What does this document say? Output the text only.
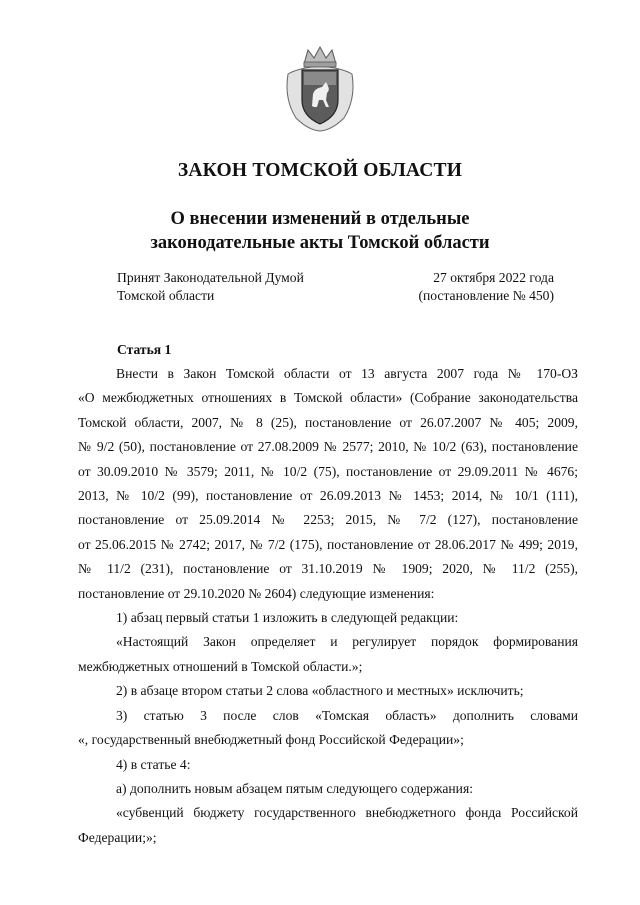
ЗАКОН ТОМСКОЙ ОБЛАСТИ
О внесении изменений в отдельные
законодательные акты Томской области
Принят Законодательной Думой
Томской области
27 октября 2022 года
(постановление № 450)
Статья 1

Внести в Закон Томской области от 13 августа 2007 года № 170-ОЗ
«О межбюджетных отношениях в Томской области» (Собрание законодательства
Томской области, 2007, № 8 (25), постановление от 26.07.2007 № 405; 2009,
№ 9/2 (50), постановление от 27.08.2009 № 2577; 2010, № 10/2 (63), постановление
от 30.09.2010 № 3579; 2011, № 10/2 (75), постановление от 29.09.2011 № 4676;
2013, № 10/2 (99), постановление от 26.09.2013 № 1453; 2014, № 10/1 (111),
постановление от 25.09.2014 № 2253; 2015, № 7/2 (127), постановление
от 25.06.2015 № 2742; 2017, № 7/2 (175), постановление от 28.06.2017 № 499; 2019,
№ 11/2 (231), постановление от 31.10.2019 № 1909; 2020, № 11/2 (255),
постановление от 29.10.2020 № 2604) следующие изменения:

1) абзац первый статьи 1 изложить в следующей редакции:

«Настоящий Закон определяет и регулирует порядок формирования
межбюджетных отношений в Томской области.»;

2) в абзаце втором статьи 2 слова «областного и местных» исключить;

3) статью 3 после слов «Томская область» дополнить словами
«, государственный внебюджетный фонд Российской Федерации»;

4) в статье 4:

а) дополнить новым абзацем пятым следующего содержания:

«субвенций бюджету государственного внебюджетного фонда Российской
Федерации;»;
